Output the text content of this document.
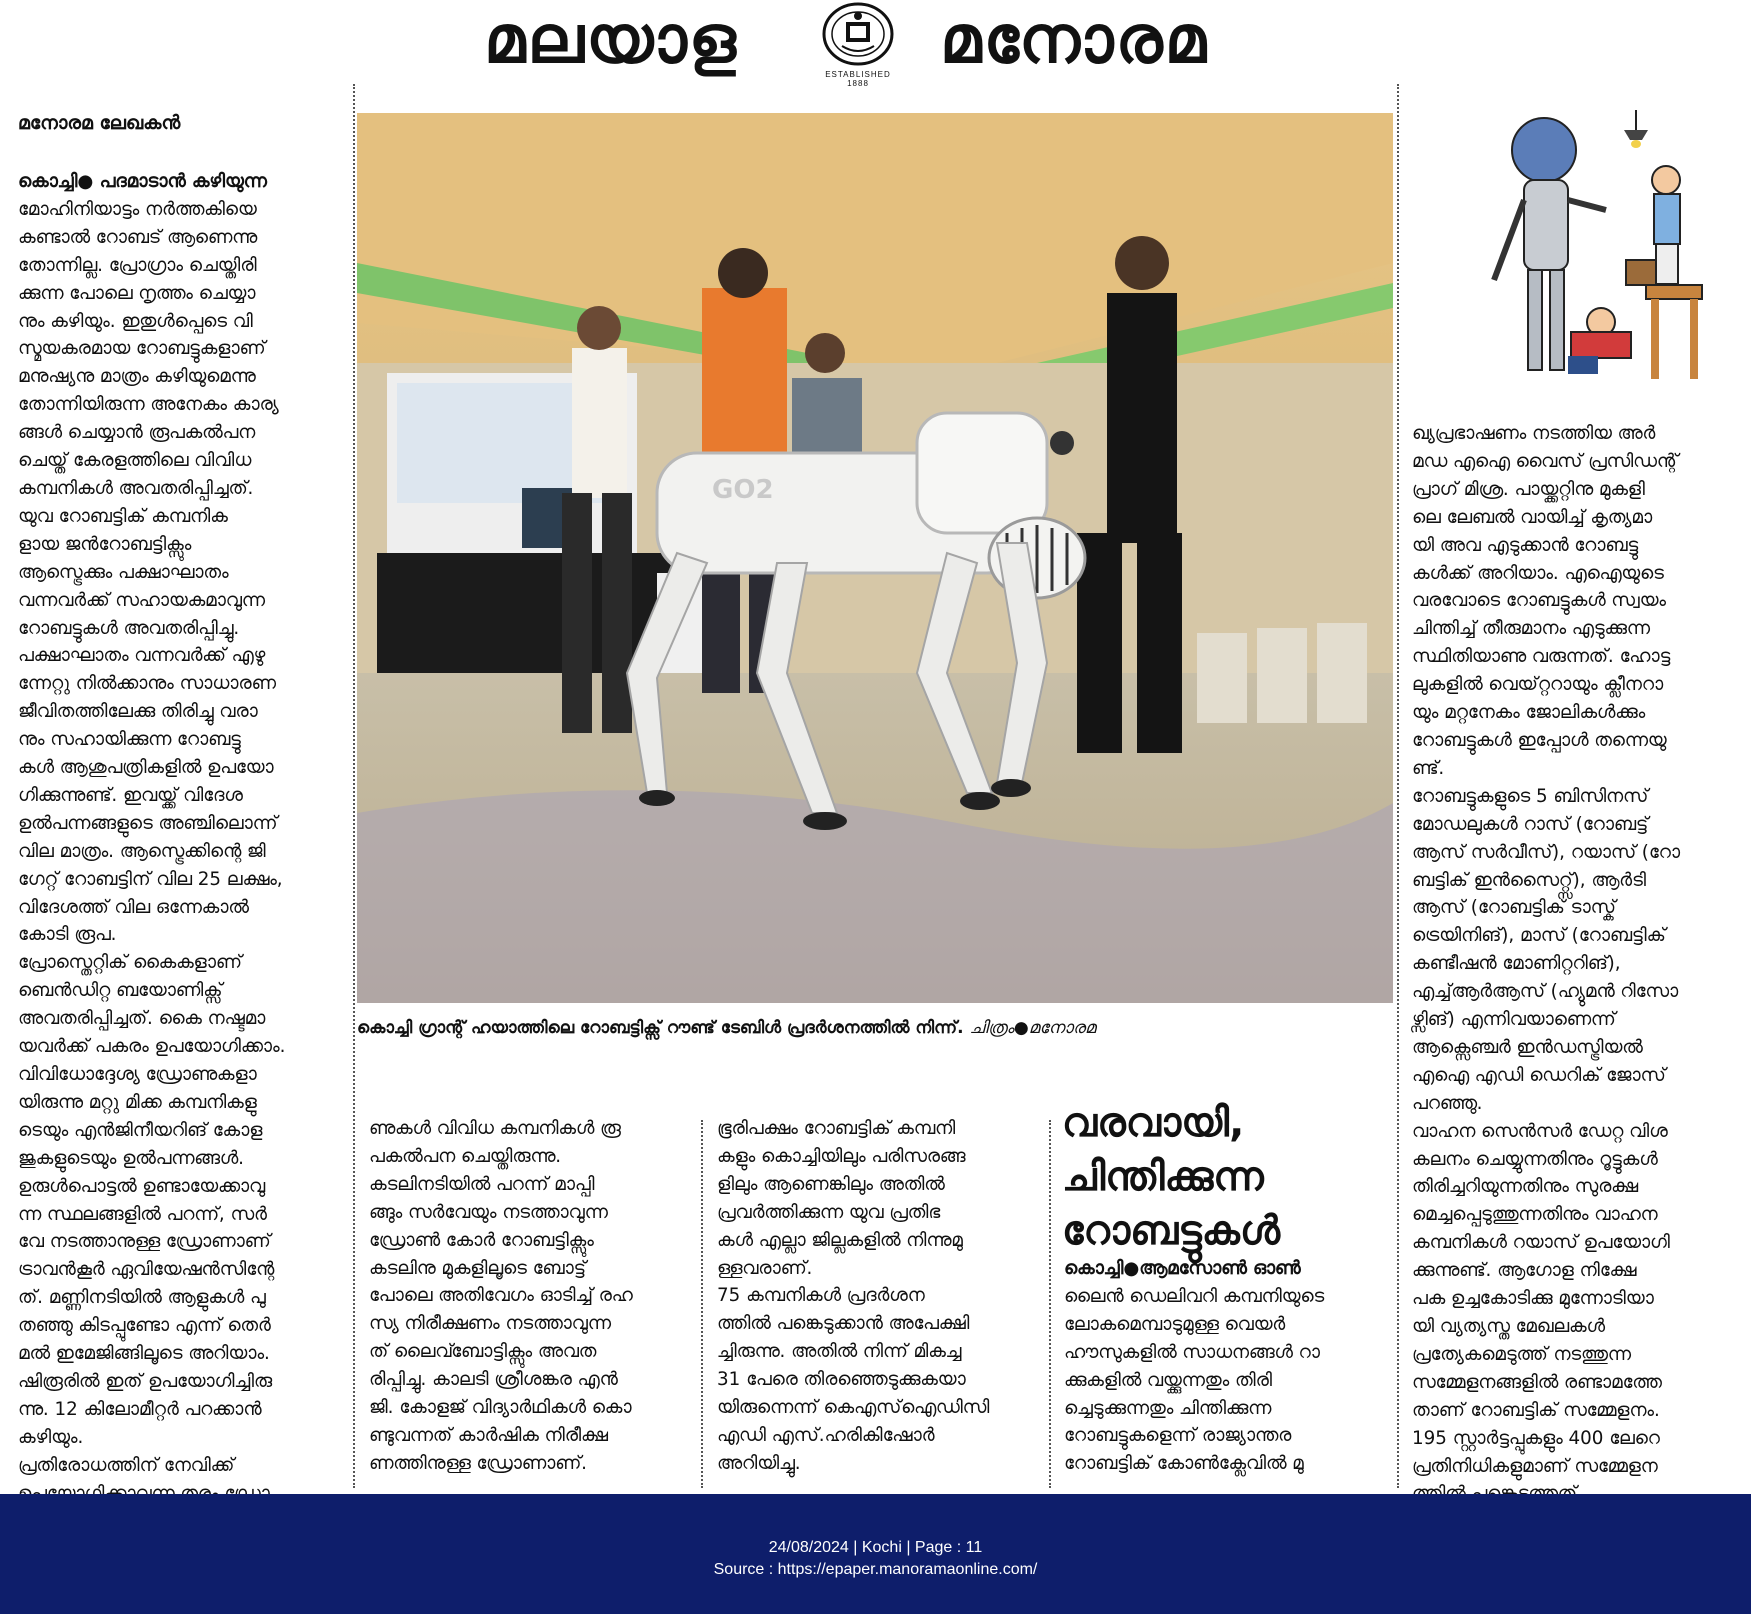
മലയാള	ESTABLISHED 1888
മനോരമ
മനോരമ ലേഖകൻ

കൊച്ചി● പദമാടാൻ കഴിയുന്ന

മോഹിനിയാട്ടം നർത്തകിയെ

കണ്ടാൽ റോബട് ആണെന്നു

തോന്നില്ല. പ്രോഗ്രാം ചെയ്തിരി

ക്കുന്ന പോലെ നൃത്തം ചെയ്യാ

നും കഴിയും. ഇതുൾപ്പെടെ വി

സ്മയകരമായ റോബട്ടുകളാണ്

മനുഷ്യനു മാത്രം കഴിയുമെന്നു

തോന്നിയിരുന്ന അനേകം കാര്യ

ങ്ങൾ ചെയ്യാൻ രൂപകൽപന

ചെയ്ത് കേരളത്തിലെ വിവിധ

കമ്പനികൾ അവതരിപ്പിച്ചത്.

യുവ റോബട്ടിക് കമ്പനിക

ളായ ജൻറോബട്ടിക്സും

ആസ്ട്രെക്കും പക്ഷാഘാതം

വന്നവർക്ക് സഹായകമാവുന്ന

റോബട്ടുകൾ അവതരിപ്പിച്ചു.

പക്ഷാഘാതം വന്നവർക്ക് എഴു

ന്നേറ്റു നിൽക്കാനും സാധാരണ

ജീവിതത്തിലേക്കു തിരിച്ചു വരാ

നും സഹായിക്കുന്ന റോബട്ടു

കൾ ആശുപത്രികളിൽ ഉപയോ

ഗിക്കുന്നുണ്ട്. ഇവയ്ക്ക് വിദേശ

ഉൽപന്നങ്ങളുടെ അഞ്ചിലൊന്ന്

വില മാത്രം. ആസ്ട്രെക്കിന്റെ ജി

ഗേറ്റ് റോബട്ടിന് വില 25 ലക്ഷം,

വിദേശത്ത് വില ഒന്നേകാൽ

കോടി രൂപ.

പ്രോസ്തെറ്റിക് കൈകളാണ്

ബെൻഡിറ്റ ബയോണിക്സ്

അവതരിപ്പിച്ചത്. കൈ നഷ്ടമാ

യവർക്ക് പകരം ഉപയോഗിക്കാം.

വിവിധോദ്ദേശ്യ ഡ്രോണുകളാ

യിരുന്നു മറ്റു മിക്ക കമ്പനികളു

ടെയും എൻജിനീയറിങ് കോള

ജുകളുടെയും ഉൽപന്നങ്ങൾ.

ഉരുൾപൊട്ടൽ ഉണ്ടായേക്കാവു

ന്ന സ്ഥലങ്ങളിൽ പറന്ന്, സർ

വേ നടത്താനുള്ള ഡ്രോണാണ്

ട്രാവൻകൂർ ഏവിയേഷൻസിന്റേ

ത്. മണ്ണിനടിയിൽ ആളുകൾ പു

തഞ്ഞു കിടപ്പുണ്ടോ എന്ന് തെർ

മൽ ഇമേജിങ്ങിലൂടെ അറിയാം.

ഷിരൂരിൽ ഇത് ഉപയോഗിച്ചിരു

ന്നു. 12 കിലോമീറ്റർ പറക്കാൻ

കഴിയും.

പ്രതിരോധത്തിന് നേവിക്ക്

GO2
കൊച്ചി ഗ്രാന്റ് ഹയാത്തിലെ റോബട്ടിക്സ് റൗണ്ട് ടേബിൾ പ്രദർശനത്തിൽ നിന്ന്. ചിത്രം●മനോരമ

ണുകൾ വിവിധ കമ്പനികൾ രൂ

പകൽപന ചെയ്തിരുന്നു.

കടലിനടിയിൽ പറന്ന് മാപ്പി

ങ്ങും സർവേയും നടത്താവുന്ന

ഡ്രോൺ കോർ റോബട്ടിക്സും

കടലിനു മുകളിലൂടെ ബോട്ട്

പോലെ അതിവേഗം ഓടിച്ച് രഹ

സ്യ നിരീക്ഷണം നടത്താവുന്ന

ത് ലൈവ്ബോട്ടിക്സും അവത

രിപ്പിച്ചു. കാലടി ശ്രീശങ്കര എൻ

ജി. കോളജ് വിദ്യാർഥികൾ കൊ

ണ്ടുവന്നത് കാർഷിക നിരീക്ഷ

ണത്തിനുള്ള ഡ്രോണാണ്.

ഭൂരിപക്ഷം റോബട്ടിക് കമ്പനി

കളും കൊച്ചിയിലും പരിസരങ്ങ

ളിലും ആണെങ്കിലും അതിൽ

പ്രവർത്തിക്കുന്ന യുവ പ്രതിഭ

കൾ എല്ലാ ജില്ലകളിൽ നിന്നുമു

ള്ളവരാണ്.

75 കമ്പനികൾ പ്രദർശന

ത്തിൽ പങ്കെടുക്കാൻ അപേക്ഷി

ച്ചിരുന്നു. അതിൽ നിന്ന് മികച്ച

31 പേരെ തിരഞ്ഞെടുക്കുകയാ

യിരുന്നെന്ന് കെഎസ്ഐഡിസി

എഡി എസ്.ഹരികിഷോർ

അറിയിച്ചു.

വരവായി,

ചിന്തിക്കുന്ന

റോബട്ടുകൾ

കൊച്ചി●ആമസോൺ ഓൺ

ലൈൻ ഡെലിവറി കമ്പനിയുടെ

ലോകമെമ്പാടുമുള്ള വെയർ

ഹൗസുകളിൽ സാധനങ്ങൾ റാ

ക്കുകളിൽ വയ്ക്കുന്നതും തിരി

ച്ചെടുക്കുന്നതും ചിന്തിക്കുന്ന

റോബട്ടുകളെന്ന് രാജ്യാന്തര

റോബട്ടിക് കോൺക്ലേവിൽ മു

ഖ്യപ്രഭാഷണം നടത്തിയ അർ

മഡ എഐ വൈസ് പ്രസിഡന്റ്

പ്രാഗ് മിശ്ര. പായ്ക്കറ്റിനു മുകളി

ലെ ലേബൽ വായിച്ച് കൃത്യമാ

യി അവ എടുക്കാൻ റോബട്ടു

കൾക്ക് അറിയാം. എഐയുടെ

വരവോടെ റോബട്ടുകൾ സ്വയം

ചിന്തിച്ച് തീരുമാനം എടുക്കുന്ന

സ്ഥിതിയാണു വരുന്നത്. ഹോട്ട

ലുകളിൽ വെയ്റ്ററായും ക്ലീനറാ

യും മറ്റനേകം ജോലികൾക്കും

റോബട്ടുകൾ ഇപ്പോൾ തന്നെയു

ണ്ട്.

റോബട്ടുകളുടെ 5 ബിസിനസ്

മോഡലുകൾ റാസ് (റോബട്ട്

ആസ് സർവീസ്), റയാസ് (റോ

ബട്ടിക് ഇൻസൈറ്റ്സ്), ആർടി

ആസ് (റോബട്ടിക് ടാസ്ക്

ട്രെയിനിങ്), മാസ് (റോബട്ടിക്

കണ്ടീഷൻ മോണിറ്ററിങ്),

എച്ച്ആർആസ് (ഹ്യുമൻ റിസോ

ഴ്സിങ്) എന്നിവയാണെന്ന്

ആക്സെഞ്ചർ ഇൻഡസ്ട്രിയൽ

എഐ എഡി ഡെറിക് ജോസ്

പറഞ്ഞു.

വാഹന സെൻസർ ഡേറ്റ വിശ

കലനം ചെയ്യുന്നതിനും റൂട്ടുകൾ

തിരിച്ചറിയുന്നതിനും സുരക്ഷ

മെച്ചപ്പെടുത്തുന്നതിനും വാഹന

കമ്പനികൾ റയാസ് ഉപയോഗി

ക്കുന്നുണ്ട്. ആഗോള നിക്ഷേ

പക ഉച്ചകോടിക്കു മുന്നോടിയാ

യി വ്യത്യസ്ത മേഖലകൾ

പ്രത്യേകമെടുത്ത് നടത്തുന്ന

സമ്മേളനങ്ങളിൽ രണ്ടാമത്തേ

താണ് റോബട്ടിക് സമ്മേളനം.

195 സ്റ്റാർട്ടപ്പുകളും 400 ലേറെ

പ്രതിനിധികളുമാണ് സമ്മേളന

24/08/2024 | Kochi | Page : 11
Source : https://epaper.manoramaonline.com/
